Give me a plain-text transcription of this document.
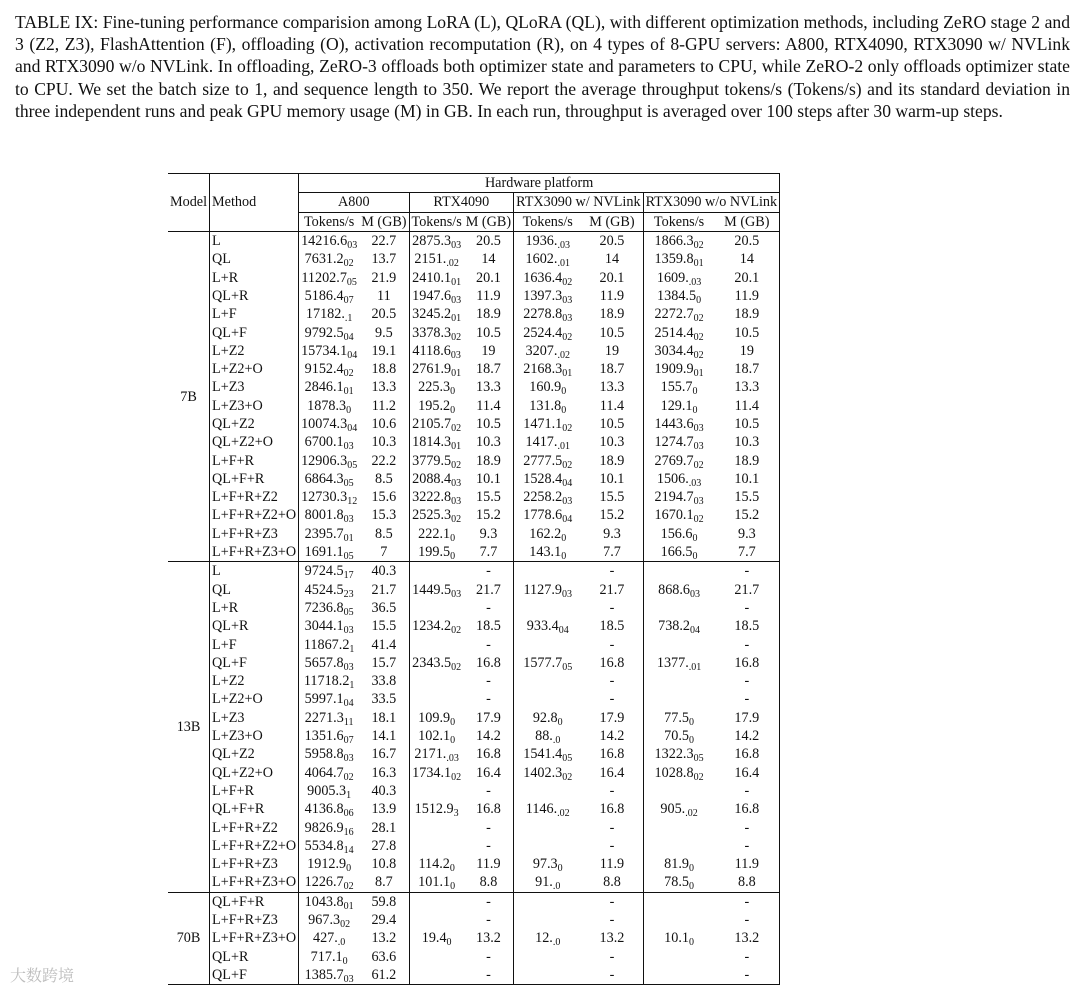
TABLE IX: Fine-tuning performance comparision among LoRA (L), QLoRA (QL), with different optimization methods, including ZeRO stage 2 and 3 (Z2, Z3), FlashAttention (F), offloading (O), activation recomputation (R), on 4 types of 8-GPU servers: A800, RTX4090, RTX3090 w/ NVLink and RTX3090 w/o NVLink. In offloading, ZeRO-3 offloads both optimizer state and parameters to CPU, while ZeRO-2 only offloads optimizer state to CPU. We set the batch size to 1, and sequence length to 350. We report the average throughput tokens/s (Tokens/s) and its standard deviation in three independent runs and peak GPU memory usage (M) in GB. In each run, throughput is averaged over 100 steps after 30 warm-up steps.

		Hardware platform							
Model	Method	A800		RTX4090		RTX3090 w/ NVLink		RTX3090 w/o NVLink	
		Tokens/s	M (GB)	Tokens/s	M (GB)	Tokens/s	M (GB)	Tokens/s	M (GB)
7B	L	$14216.6_{03}$	22.7	$2875.3_{03}$	20.5	$1936._{.03}$	20.5	$1866.3_{02}$	20.5
	QL	$7631.2_{02}$	13.7	$2151._{.02}$	14	$1602._{.01}$	14	$1359.8_{01}$	14
	L+R	$11202.7_{05}$	21.9	$2410.1_{01}$	20.1	$1636.4_{02}$	20.1	$1609._{.03}$	20.1
	QL+R	$5186.4_{07}$	11	$1947.6_{03}$	11.9	$1397.3_{03}$	11.9	$1384.5_0$	11.9
	L+F	$17182._{.1}$	20.5	$3245.2_{01}$	18.9	$2278.8_{03}$	18.9	$2272.7_{02}$	18.9
	QL+F	$9792.5_{04}$	9.5	$3378.3_{02}$	10.5	$2524.4_{02}$	10.5	$2514.4_{02}$	10.5
	L+Z2	$15734.1_{04}$	19.1	$4118.6_{03}$	19	$3207._{.02}$	19	$3034.4_{02}$	19
	L+Z2+O	$9152.4_{02}$	18.8	$2761.9_{01}$	18.7	$2168.3_{01}$	18.7	$1909.9_{01}$	18.7
	L+Z3	$2846.1_{01}$	13.3	$225.3_0$	13.3	$160.9_0$	13.3	$155.7_0$	13.3
	L+Z3+O	$1878.3_0$	11.2	$195.2_0$	11.4	$131.8_0$	11.4	$129.1_0$	11.4
	QL+Z2	$10074.3_{04}$	10.6	$2105.7_{02}$	10.5	$1471.1_{02}$	10.5	$1443.6_{03}$	10.5
	QL+Z2+O	$6700.1_{03}$	10.3	$1814.3_{01}$	10.3	$1417._{.01}$	10.3	$1274.7_{03}$	10.3
	L+F+R	$12906.3_{05}$	22.2	$3779.5_{02}$	18.9	$2777.5_{02}$	18.9	$2769.7_{02}$	18.9
	QL+F+R	$6864.3_{05}$	8.5	$2088.4_{03}$	10.1	$1528.4_{04}$	10.1	$1506._{.03}$	10.1
	L+F+R+Z2	$12730.3_{12}$	15.6	$3222.8_{03}$	15.5	$2258.2_{03}$	15.5	$2194.7_{03}$	15.5
	L+F+R+Z2+O	$8001.8_{03}$	15.3	$2525.3_{02}$	15.2	$1778.6_{04}$	15.2	$1670.1_{02}$	15.2
	L+F+R+Z3	$2395.7_{01}$	8.5	$222.1_0$	9.3	$162.2_0$	9.3	$156.6_0$	9.3
	L+F+R+Z3+O	$1691.1_{05}$	7	$199.5_0$	7.7	$143.1_0$	7.7	$166.5_0$	7.7
13B	L	$9724.5_{17}$	40.3		-		-		-
	QL	$4524.5_{23}$	21.7	$1449.5_{03}$	21.7	$1127.9_{03}$	21.7	$868.6_{03}$	21.7
	L+R	$7236.8_{05}$	36.5		-		-		-
	QL+R	$3044.1_{03}$	15.5	$1234.2_{02}$	18.5	$933.4_{04}$	18.5	$738.2_{04}$	18.5
	L+F	$11867.2_1$	41.4		-		-		-
	QL+F	$5657.8_{03}$	15.7	$2343.5_{02}$	16.8	$1577.7_{05}$	16.8	$1377._{.01}$	16.8
	L+Z2	$11718.2_1$	33.8		-		-		-
	L+Z2+O	$5997.1_{04}$	33.5		-		-		-
	L+Z3	$2271.3_{11}$	18.1	$109.9_0$	17.9	$92.8_0$	17.9	$77.5_0$	17.9
	L+Z3+O	$1351.6_{07}$	14.1	$102.1_0$	14.2	$88._{.0}$	14.2	$70.5_0$	14.2
	QL+Z2	$5958.8_{03}$	16.7	$2171._{.03}$	16.8	$1541.4_{05}$	16.8	$1322.3_{05}$	16.8
	QL+Z2+O	$4064.7_{02}$	16.3	$1734.1_{02}$	16.4	$1402.3_{02}$	16.4	$1028.8_{02}$	16.4
	L+F+R	$9005.3_1$	40.3		-		-		-
	QL+F+R	$4136.8_{06}$	13.9	$1512.9_3$	16.8	$1146._{.02}$	16.8	$905._{.02}$	16.8
	L+F+R+Z2	$9826.9_{16}$	28.1		-		-		-
	L+F+R+Z2+O	$5534.8_{14}$	27.8		-		-		-
	L+F+R+Z3	$1912.9_0$	10.8	$114.2_0$	11.9	$97.3_0$	11.9	$81.9_0$	11.9
	L+F+R+Z3+O	$1226.7_{02}$	8.7	$101.1_0$	8.8	$91._{.0}$	8.8	$78.5_0$	8.8
70B	QL+F+R	$1043.8_{01}$	59.8		-		-		-
	L+F+R+Z3	$967.3_{02}$	29.4		-		-		-
	L+F+R+Z3+O	$427._{.0}$	13.2	$19.4_0$	13.2	$12._{.0}$	13.2	$10.1_0$	13.2
	QL+R	$717.1_0$	63.6		-		-		-
	QL+F	$1385.7_{03}$	61.2		-		-		-
大数跨境
